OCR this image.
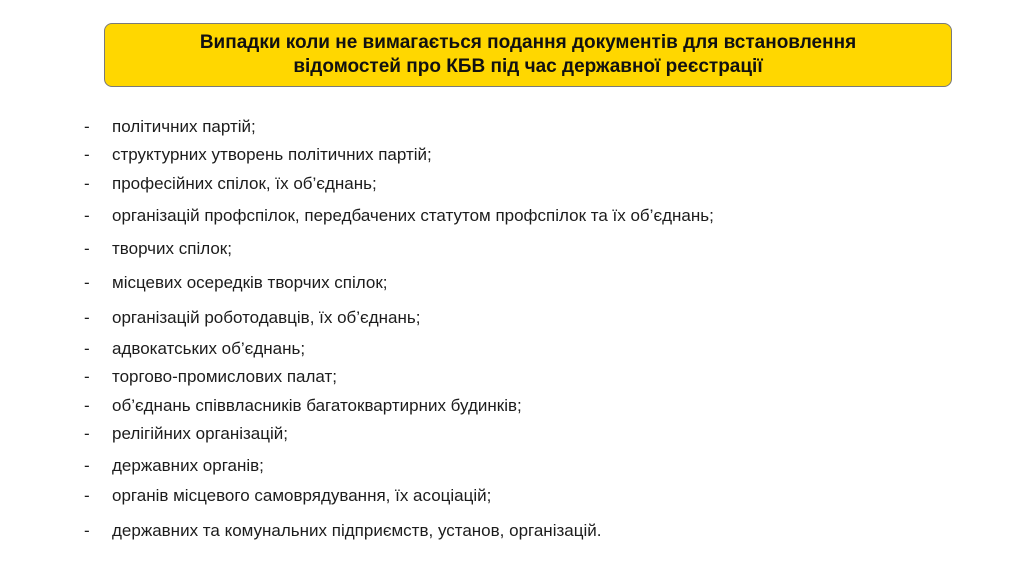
Випадки коли не вимагається подання документів для встановлення
відомостей про КБВ під час державної реєстрації
-	політичних партій;
-	структурних утворень політичних партій;
-	професійних спілок, їх об’єднань;
-	організацій профспілок, передбачених статутом профспілок та їх об’єднань;
-	творчих спілок;
-	місцевих осередків творчих спілок;
-	організацій роботодавців, їх об’єднань;
-	адвокатських об’єднань;
-	торгово-промислових палат;
-	об’єднань співвласників багатоквартирних будинків;
-	релігійних організацій;
-	державних органів;
-	органів місцевого самоврядування, їх асоціацій;
-	державних та комунальних підприємств, установ, організацій.
